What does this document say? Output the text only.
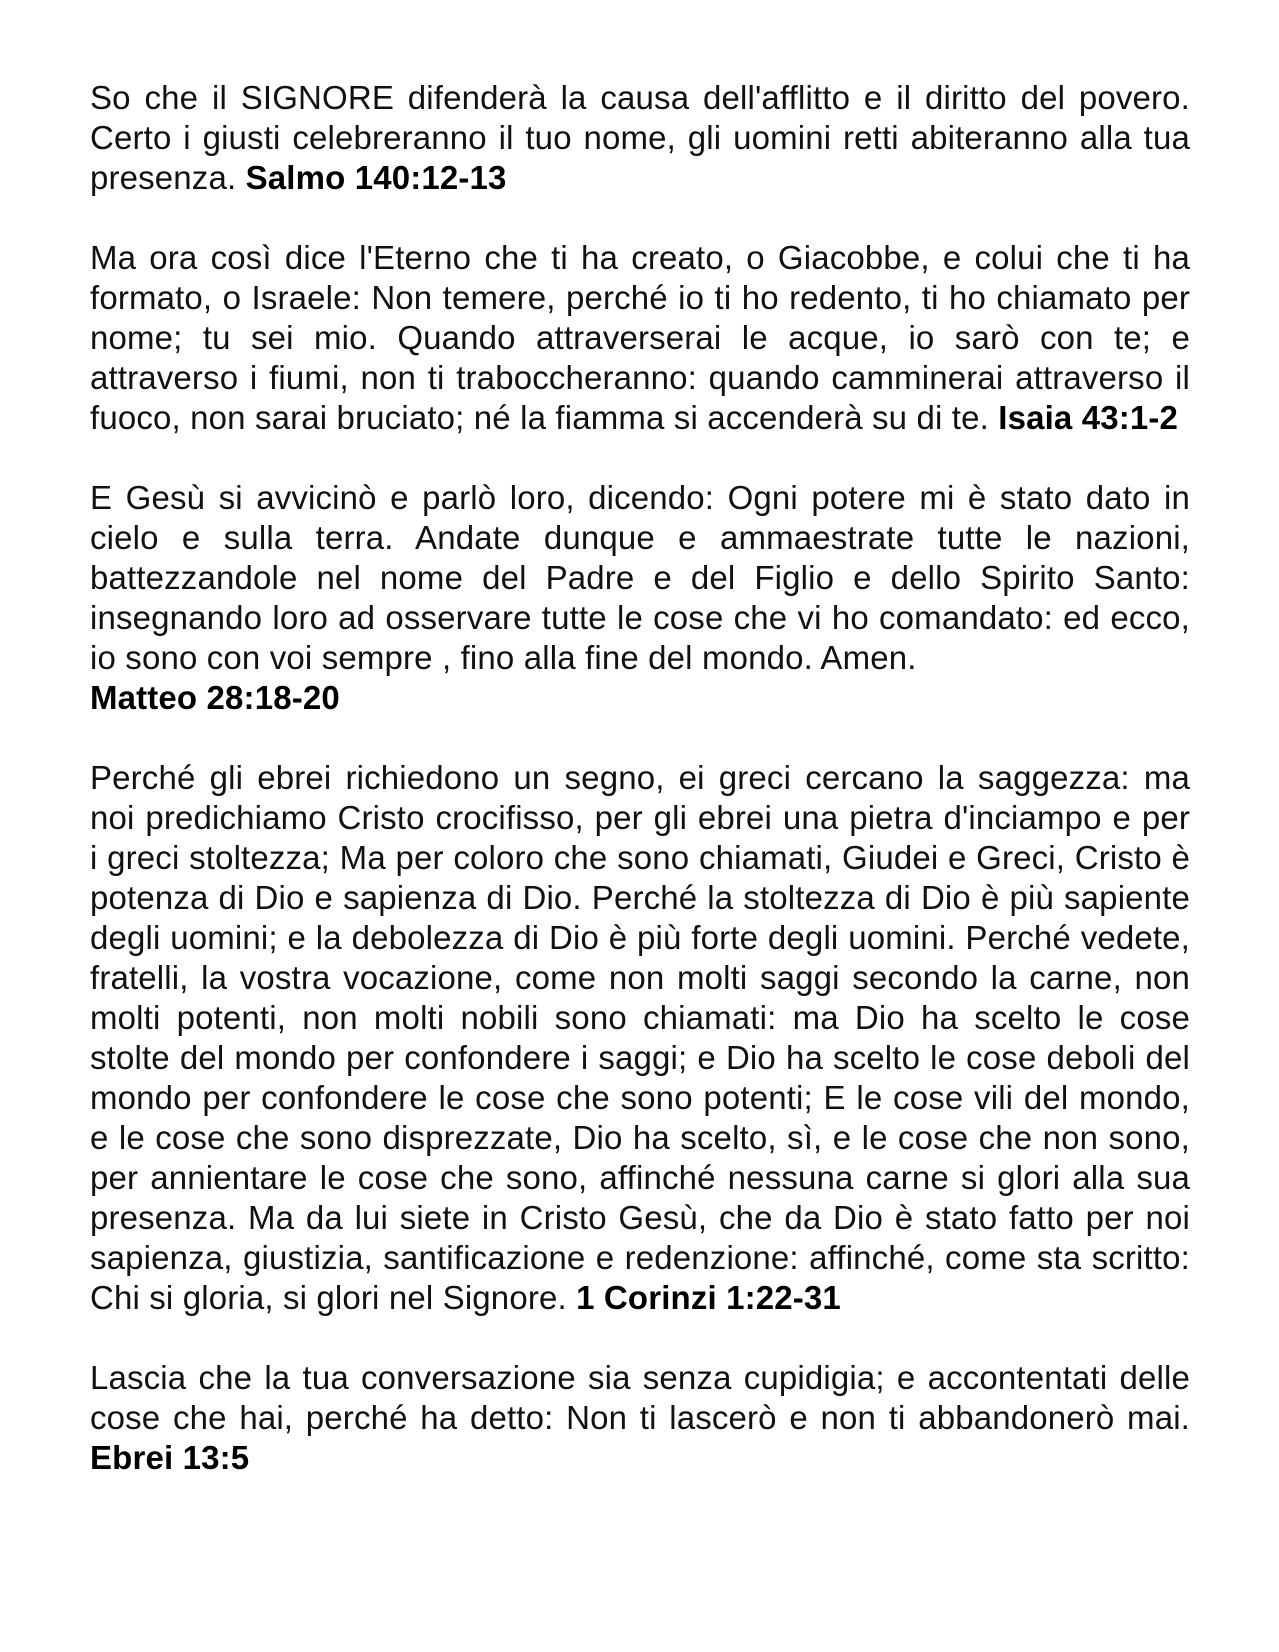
So che il SIGNORE difenderà la causa dell'afflitto e il diritto del povero. Certo i giusti celebreranno il tuo nome, gli uomini retti abiteranno alla tua presenza. Salmo 140:12-13

Ma ora così dice l'Eterno che ti ha creato, o Giacobbe, e colui che ti ha formato, o Israele: Non temere, perché io ti ho redento, ti ho chiamato per nome; tu sei mio. Quando attraverserai le acque, io sarò con te; e attraverso i fiumi, non ti traboccheranno: quando camminerai attraverso il fuoco, non sarai bruciato; né la fiamma si accenderà su di te. Isaia 43:1-2

E Gesù si avvicinò e parlò loro, dicendo: Ogni potere mi è stato dato in cielo e sulla terra. Andate dunque e ammaestrate tutte le nazioni, battezzandole nel nome del Padre e del Figlio e dello Spirito Santo: insegnando loro ad osservare tutte le cose che vi ho comandato: ed ecco, io sono con voi sempre , fino alla fine del mondo. Amen.
Matteo 28:18-20

Perché gli ebrei richiedono un segno, ei greci cercano la saggezza: ma noi predichiamo Cristo crocifisso, per gli ebrei una pietra d'inciampo e per i greci stoltezza; Ma per coloro che sono chiamati, Giudei e Greci, Cristo è potenza di Dio e sapienza di Dio. Perché la stoltezza di Dio è più sapiente degli uomini; e la debolezza di Dio è più forte degli uomini. Perché vedete, fratelli, la vostra vocazione, come non molti saggi secondo la carne, non molti potenti, non molti nobili sono chiamati: ma Dio ha scelto le cose stolte del mondo per confondere i saggi; e Dio ha scelto le cose deboli del mondo per confondere le cose che sono potenti; E le cose vili del mondo, e le cose che sono disprezzate, Dio ha scelto, sì, e le cose che non sono, per annientare le cose che sono, affinché nessuna carne si glori alla sua presenza. Ma da lui siete in Cristo Gesù, che da Dio è stato fatto per noi sapienza, giustizia, santificazione e redenzione: affinché, come sta scritto: Chi si gloria, si glori nel Signore. 1 Corinzi 1:22-31

Lascia che la tua conversazione sia senza cupidigia; e accontentati delle cose che hai, perché ha detto: Non ti lascerò e non ti abbandonerò mai. Ebrei 13:5
